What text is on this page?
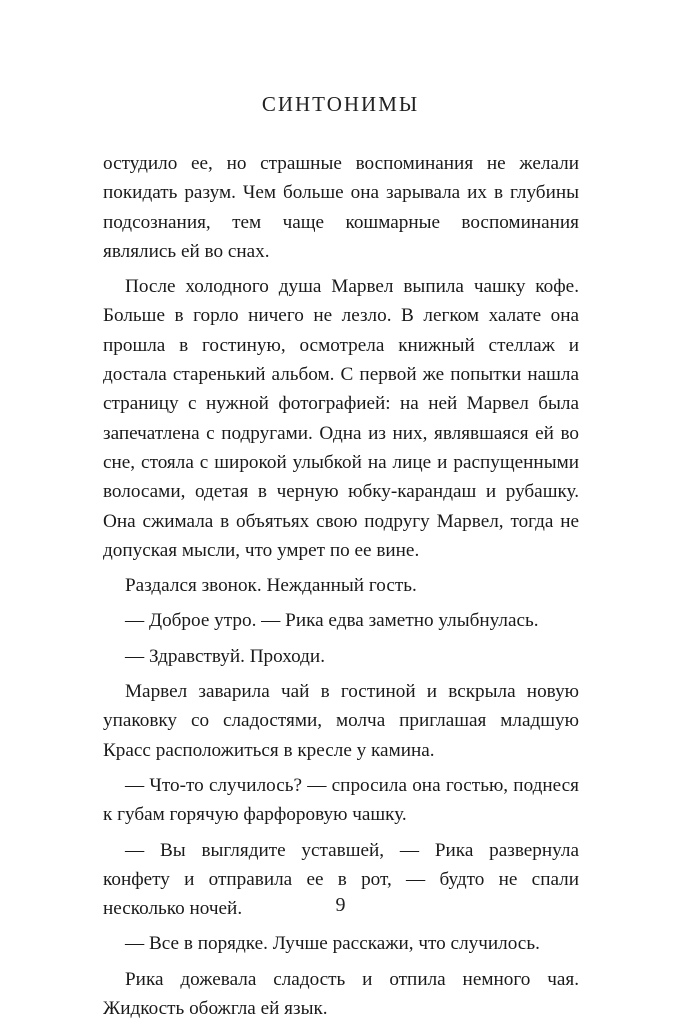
СИНТОНИМЫ

остудило ее, но страшные воспоминания не желали покидать разум. Чем больше она зарывала их в глубины подсознания, тем чаще кошмарные воспоминания являлись ей во снах.

После холодного душа Марвел выпила чашку кофе. Больше в горло ничего не лезло. В легком халате она прошла в гостиную, осмотрела книжный стеллаж и достала старенький альбом. С первой же попытки нашла страницу с нужной фотографией: на ней Марвел была запечатлена с подругами. Одна из них, являвшаяся ей во сне, стояла с широкой улыбкой на лице и распущенными волосами, одетая в черную юбку-карандаш и рубашку. Она сжимала в объятьях свою подругу Марвел, тогда не допуская мысли, что умрет по ее вине.

Раздался звонок. Нежданный гость.

— Доброе утро. — Рика едва заметно улыбнулась.

— Здравствуй. Проходи.

Марвел заварила чай в гостиной и вскрыла новую упаковку со сладостями, молча приглашая младшую Красс расположиться в кресле у камина.

— Что-то случилось? — спросила она гостью, поднеся к губам горячую фарфоровую чашку.

— Вы выглядите уставшей, — Рика развернула конфету и отправила ее в рот, — будто не спали несколько ночей.

— Все в порядке. Лучше расскажи, что случилось.

Рика дожевала сладость и отпила немного чая. Жидкость обожгла ей язык.

9
